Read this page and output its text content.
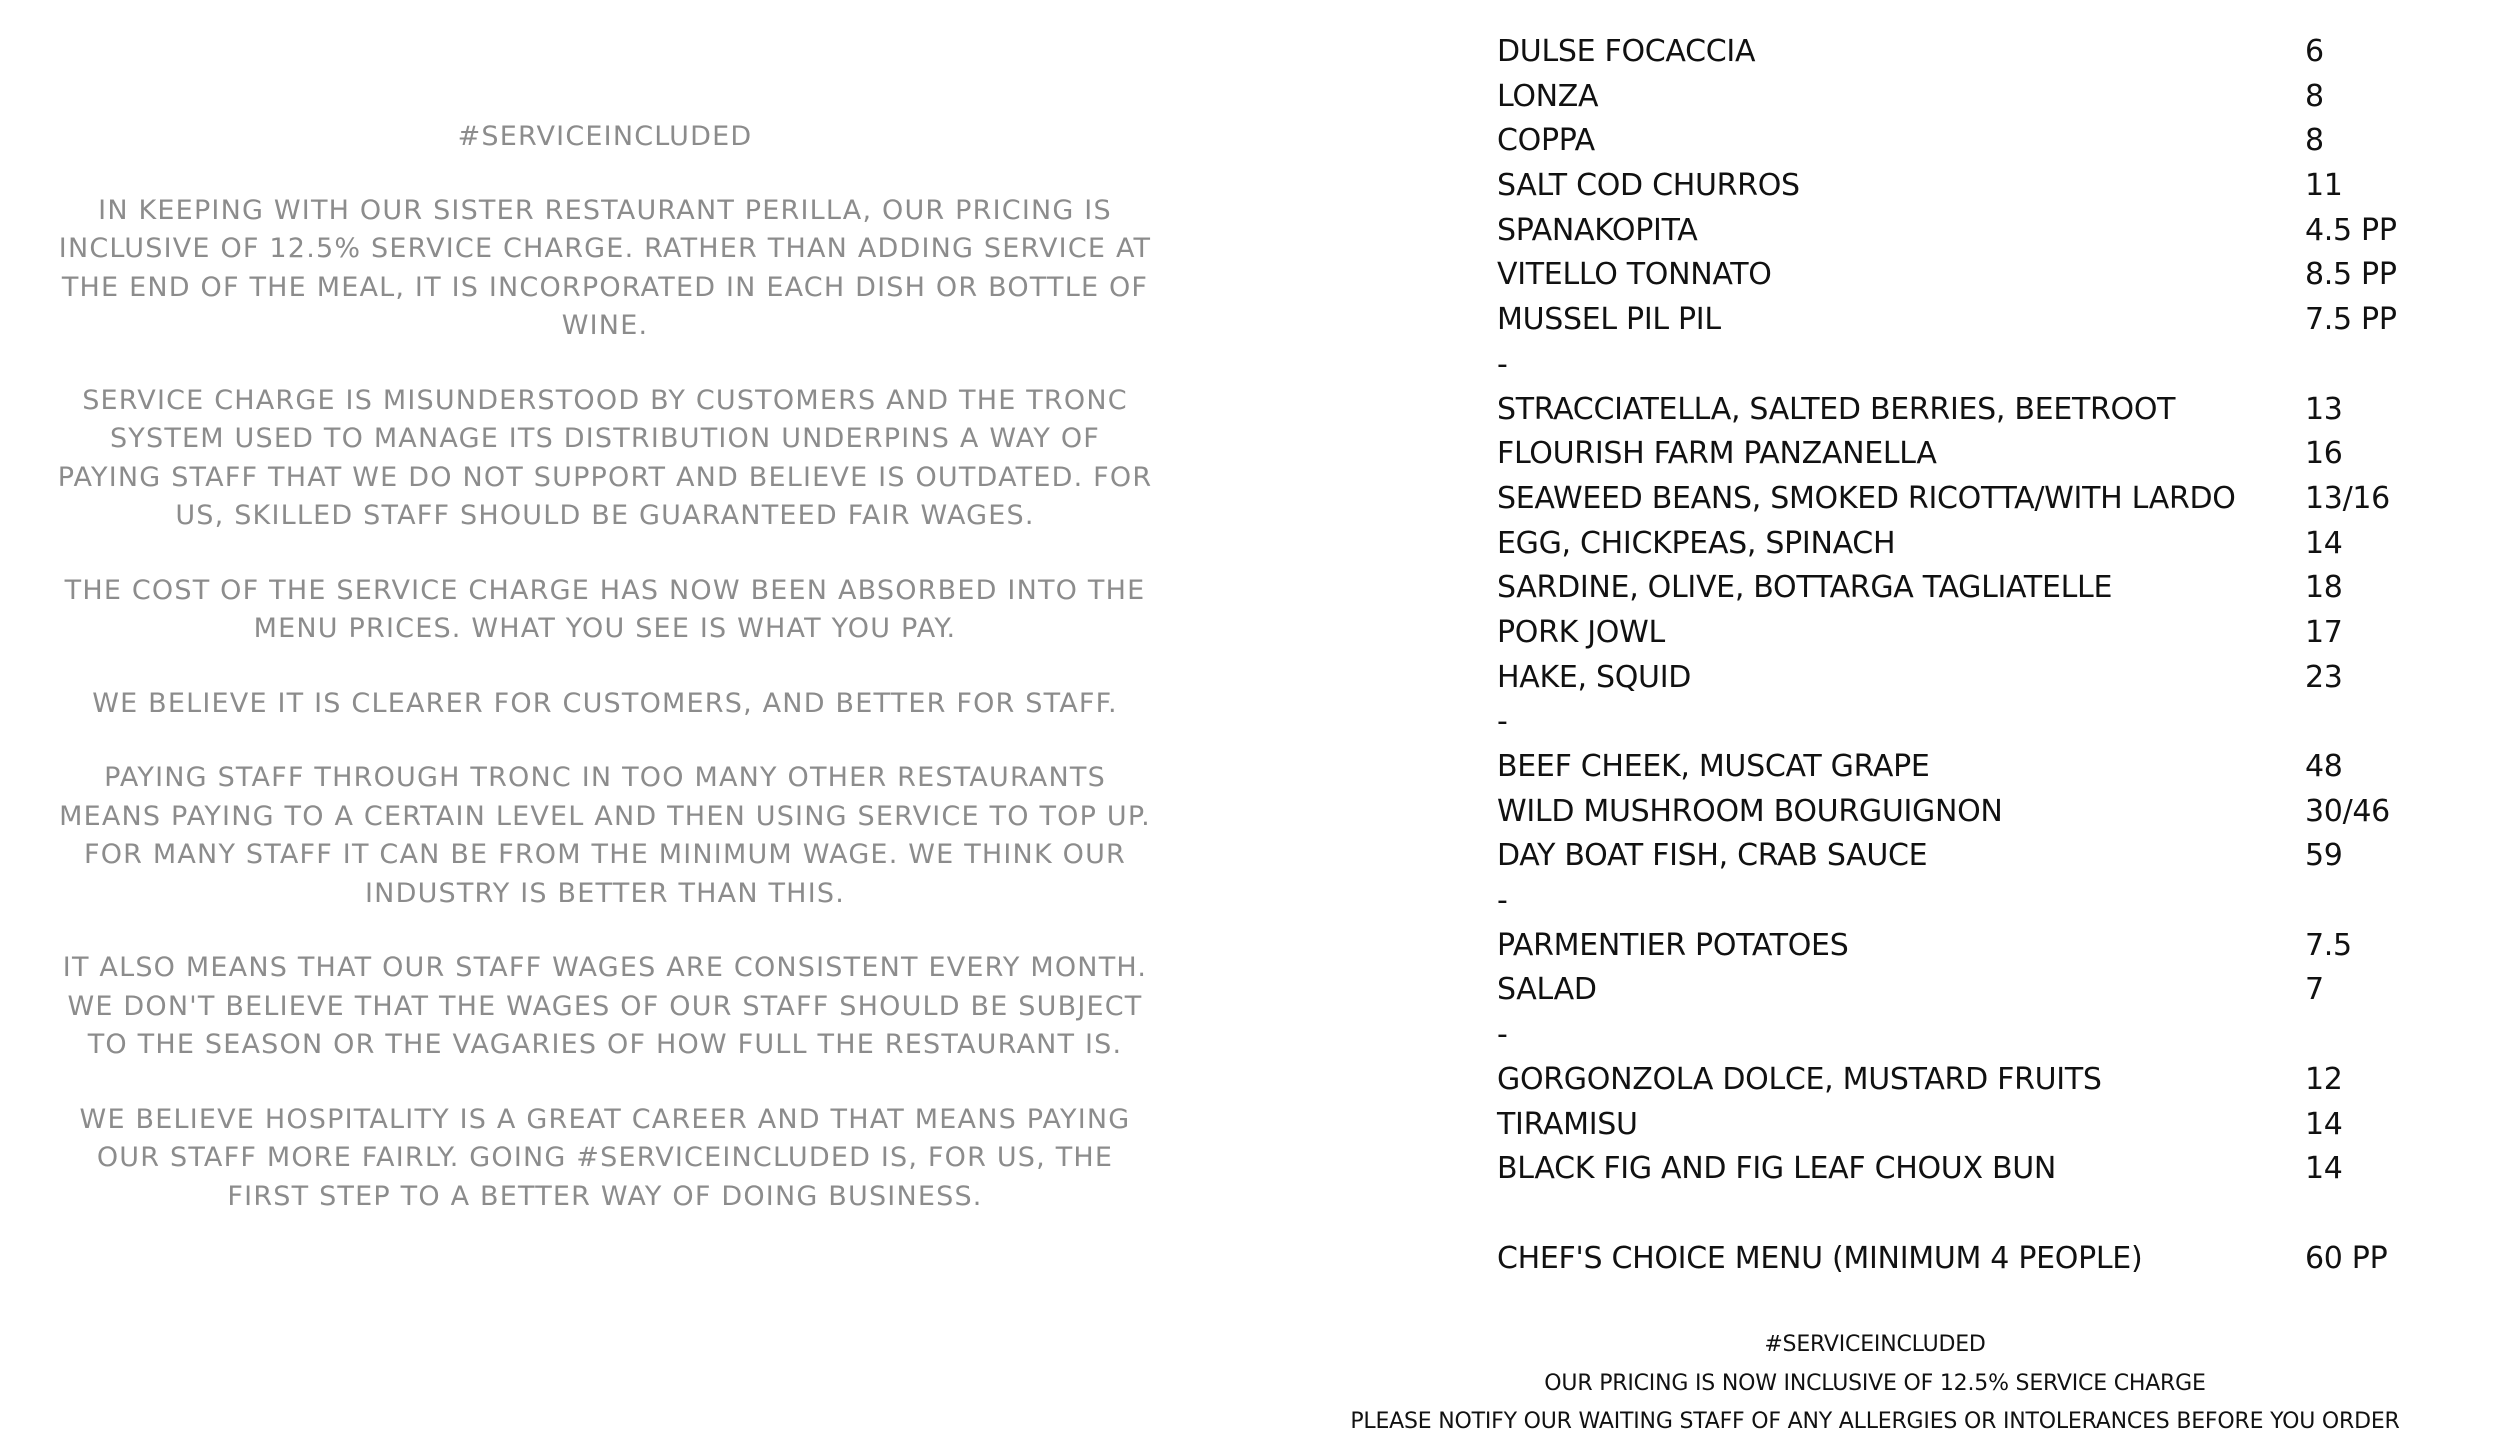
#SERVICEINCLUDED
IN KEEPING WITH OUR SISTER RESTAURANT PERILLA, OUR PRICING IS INCLUSIVE OF 12.5% SERVICE CHARGE. RATHER THAN ADDING SERVICE AT THE END OF THE MEAL, IT IS INCORPORATED IN EACH DISH OR BOTTLE OF WINE.
SERVICE CHARGE IS MISUNDERSTOOD BY CUSTOMERS AND THE TRONC SYSTEM USED TO MANAGE ITS DISTRIBUTION UNDERPINS A WAY OF PAYING STAFF THAT WE DO NOT SUPPORT AND BELIEVE IS OUTDATED. FOR US, SKILLED STAFF SHOULD BE GUARANTEED FAIR WAGES.
THE COST OF THE SERVICE CHARGE HAS NOW BEEN ABSORBED INTO THE MENU PRICES. WHAT YOU SEE IS WHAT YOU PAY.
WE BELIEVE IT IS CLEARER FOR CUSTOMERS, AND BETTER FOR STAFF.
PAYING STAFF THROUGH TRONC IN TOO MANY OTHER RESTAURANTS MEANS PAYING TO A CERTAIN LEVEL AND THEN USING SERVICE TO TOP UP. FOR MANY STAFF IT CAN BE FROM THE MINIMUM WAGE. WE THINK OUR INDUSTRY IS BETTER THAN THIS.
IT ALSO MEANS THAT OUR STAFF WAGES ARE CONSISTENT EVERY MONTH. WE DON'T BELIEVE THAT THE WAGES OF OUR STAFF SHOULD BE SUBJECT TO THE SEASON OR THE VAGARIES OF HOW FULL THE RESTAURANT IS.
WE BELIEVE HOSPITALITY IS A GREAT CAREER AND THAT MEANS PAYING OUR STAFF MORE FAIRLY. GOING #SERVICEINCLUDED IS, FOR US, THE FIRST STEP TO A BETTER WAY OF DOING BUSINESS.
DULSE FOCACCIA	6
LONZA	8
COPPA	8
SALT COD CHURROS	11
SPANAKOPITA	4.5 PP
VITELLO TONNATO	8.5 PP
MUSSEL PIL PIL	7.5 PP
-
STRACCIATELLA, SALTED BERRIES, BEETROOT	13
FLOURISH FARM PANZANELLA	16
SEAWEED BEANS, SMOKED RICOTTA/WITH LARDO 13/16
EGG, CHICKPEAS, SPINACH	14
SARDINE, OLIVE, BOTTARGA TAGLIATELLE	18
PORK JOWL	17
HAKE, SQUID	23
-
BEEF CHEEK, MUSCAT GRAPE	48
WILD MUSHROOM BOURGUIGNON	30/46
DAY BOAT FISH, CRAB SAUCE	59
-
PARMENTIER POTATOES	7.5
SALAD	7
-
GORGONZOLA DOLCE, MUSTARD FRUITS	12
TIRAMISU	14
BLACK FIG AND FIG LEAF CHOUX BUN	14
CHEF'S CHOICE MENU (MINIMUM 4 PEOPLE)	60 PP
#SERVICEINCLUDED
OUR PRICING IS NOW INCLUSIVE OF 12.5% SERVICE CHARGE
PLEASE NOTIFY OUR WAITING STAFF OF ANY ALLERGIES OR INTOLERANCES BEFORE YOU ORDER
